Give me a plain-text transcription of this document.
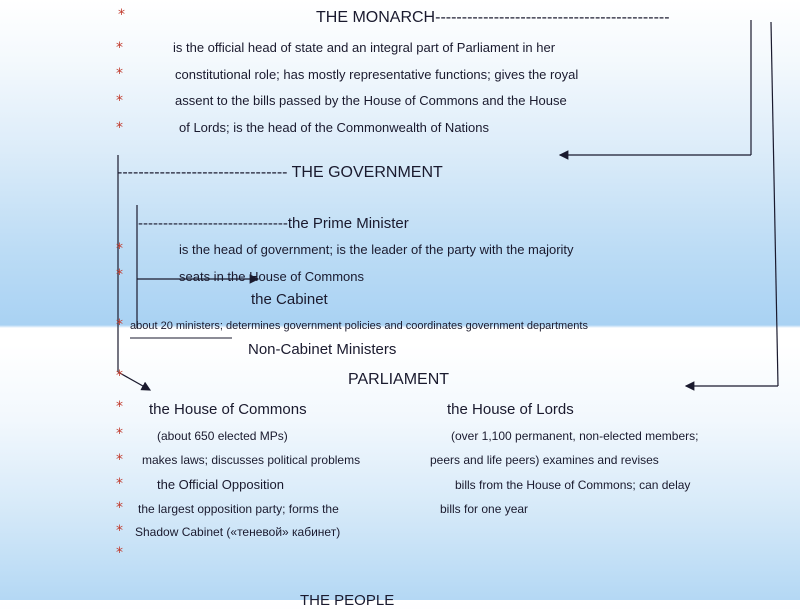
*	THE MONARCH--------------------------------------------

*	is the official head of state and an integral part of Parliament in her

*	constitutional role; has mostly representative functions; gives the royal

*	assent to the bills passed by the House of Commons and the House

*	of Lords; is the head of the Commonwealth of Nations

-------------------------------- THE GOVERNMENT

------------------------------the Prime Minister

*	is the head of government; is the leader of the party with the majority

*	seats in the House of Commons

the Cabinet

* about 20 ministers; determines government policies and coordinates government departments

Non-Cabinet Ministers

*	PARLIAMENT

* the House of Commons	the House of Lords

*	(about 650 elected MPs)	(over 1,100 permanent, non-elected members;

* makes laws; discusses political problems	peers and life peers) examines and revises

*	the Official Opposition	bills from the House of Commons; can delay

* the largest opposition party; forms the	bills for one year

* Shadow Cabinet («теневой» кабинет)

*

THE PEOPLE
